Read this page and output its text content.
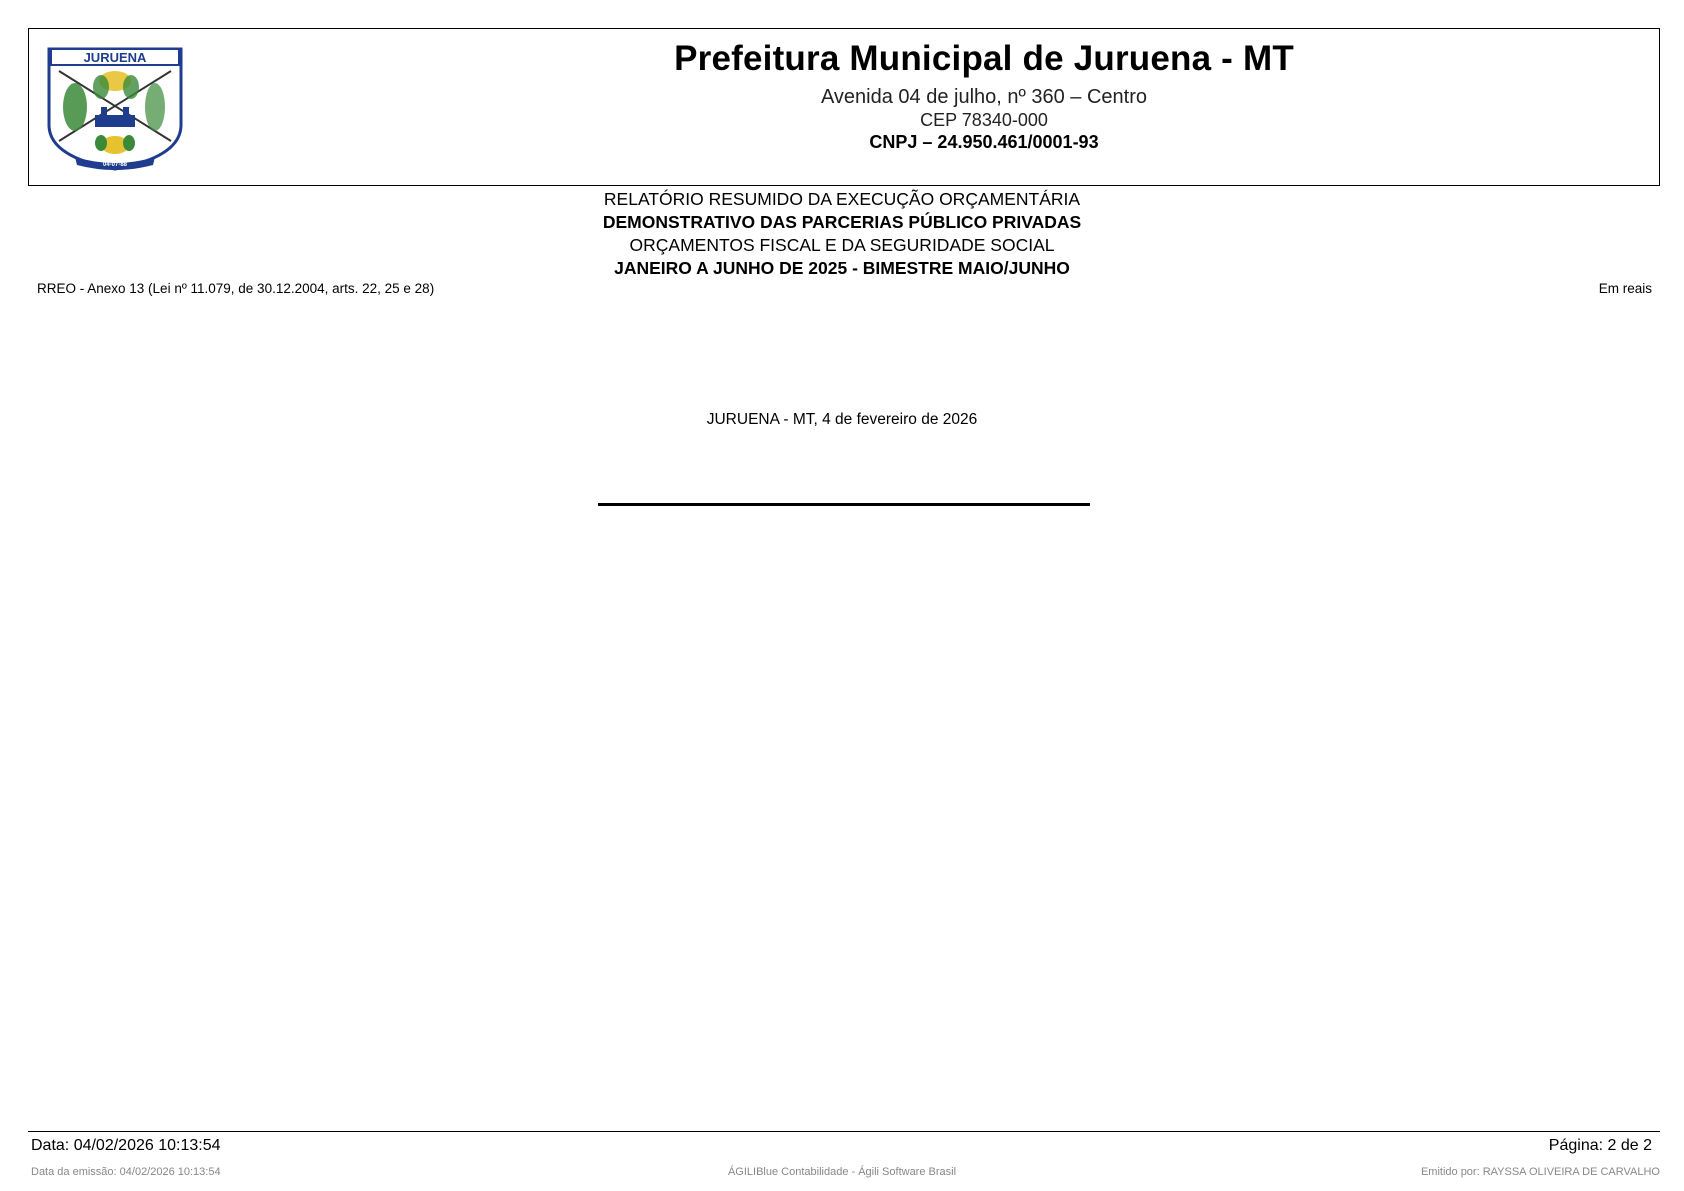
JURUENA
04-07-88
Prefeitura Municipal de Juruena - MT
Avenida 04 de julho, nº 360 – Centro
CEP 78340-000
CNPJ – 24.950.461/0001-93
RELATÓRIO RESUMIDO DA EXECUÇÃO ORÇAMENTÁRIA
DEMONSTRATIVO DAS PARCERIAS PÚBLICO PRIVADAS
ORÇAMENTOS FISCAL E DA SEGURIDADE SOCIAL
JANEIRO A JUNHO DE 2025 - BIMESTRE MAIO/JUNHO
RREO - Anexo 13 (Lei nº 11.079, de 30.12.2004, arts. 22, 25 e 28)	Em reais
JURUENA - MT, 4 de fevereiro de 2026
Data: 04/02/2026 10:13:54	Página: 2 de 2
Data da emissão: 04/02/2026 10:13:54	ÁGILIBlue Contabilidade - Ágili Software Brasil	Emitido por: RAYSSA OLIVEIRA DE CARVALHO
